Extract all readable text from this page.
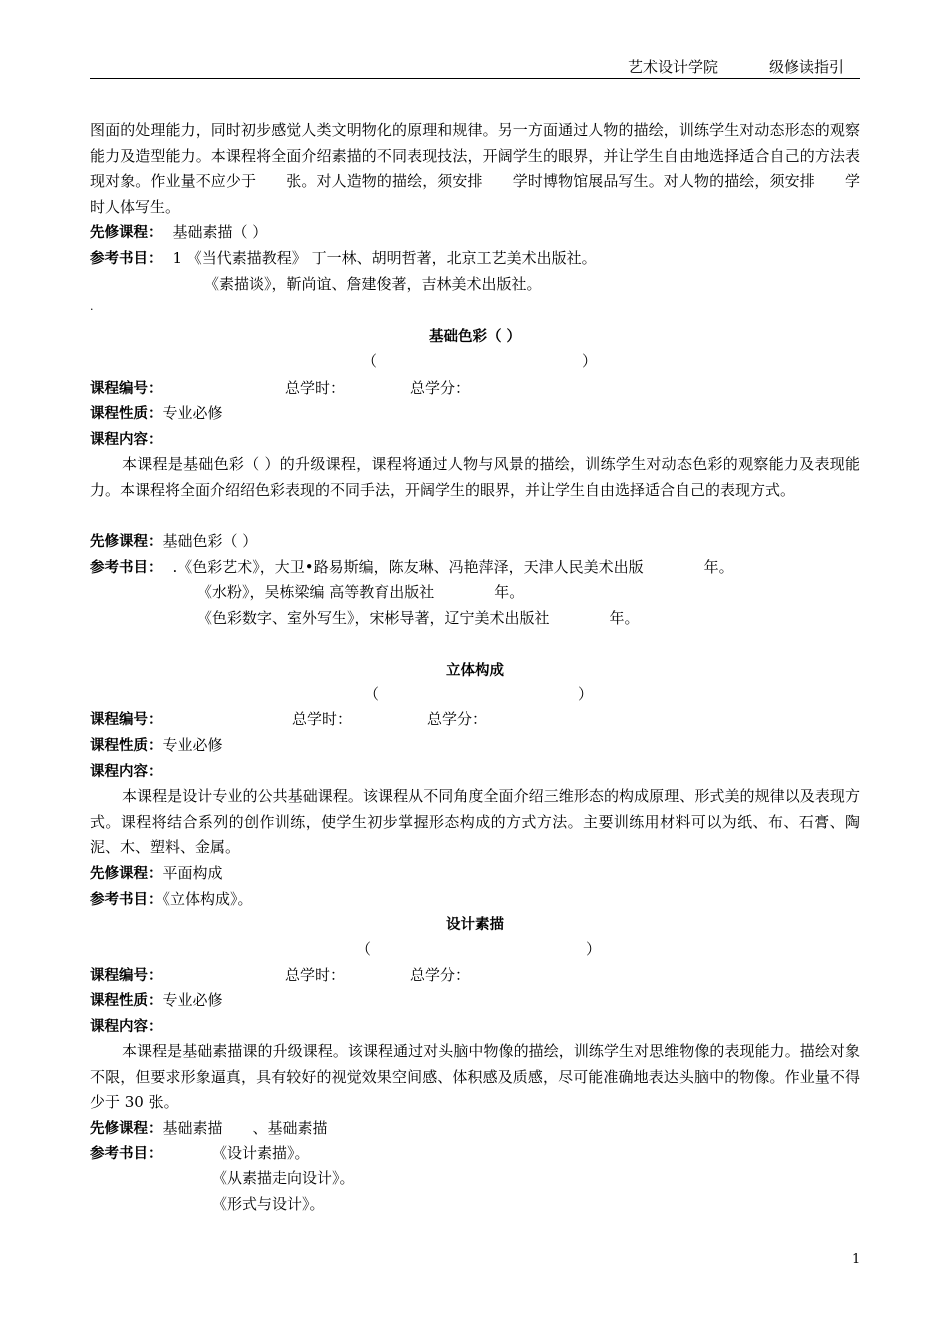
艺术设计学院	级修读指引
图面的处理能力，同时初步感觉人类文明物化的原理和规律。另一方面通过人物的描绘，训练学生对动态形态的观察能力及造型能力。本课程将全面介绍素描的不同表现技法，开阔学生的眼界，并让学生自由地选择适合自己的方法表现对象。作业量不应少于　　张。对人造物的描绘，须安排　　学时博物馆展品写生。对人物的描绘，须安排　　学时人体写生。
先修课程： 基础素描（ ）
参考书目： 1 《当代素描教程》 丁一林、胡明哲著，北京工艺美术出版社。
《素描谈》，靳尚谊、詹建俊著，吉林美术出版社。
.
基础色彩（ ）
（	）
课程编号：	总学时：	总学分：
课程性质：专业必修
课程内容：
本课程是基础色彩（ ）的升级课程，课程将通过人物与风景的描绘，训练学生对动态色彩的观察能力及表现能力。本课程将全面介绍绍色彩表现的不同手法，开阔学生的眼界，并让学生自由选择适合自己的表现方式。
先修课程：基础色彩（ ）
参考书目： .《色彩艺术》，大卫•路易斯编，陈友琳、冯艳萍泽，天津人民美术出版　　　　年。
《水粉》，吴栋梁编 高等教育出版社　　　　年。
《色彩数字、室外写生》，宋彬导著，辽宁美术出版社　　　　年。
立体构成
（	）
课程编号：	总学时：	总学分：
课程性质：专业必修
课程内容：
本课程是设计专业的公共基础课程。该课程从不同角度全面介绍三维形态的构成原理、形式美的规律以及表现方式。课程将结合系列的创作训练，使学生初步掌握形态构成的方式方法。主要训练用材料可以为纸、布、石膏、陶泥、木、塑料、金属。
先修课程：平面构成
参考书目：《立体构成》。
设计素描
（	）
课程编号：	总学时：	总学分：
课程性质：专业必修
课程内容：
本课程是基础素描课的升级课程。该课程通过对头脑中物像的描绘，训练学生对思维物像的表现能力。描绘对象不限，但要求形象逼真，具有较好的视觉效果空间感、体积感及质感，尽可能准确地表达头脑中的物像。作业量不得少于 30 张。
先修课程：基础素描　　、基础素描
参考书目：	《设计素描》。
《从素描走向设计》。
《形式与设计》。
1
